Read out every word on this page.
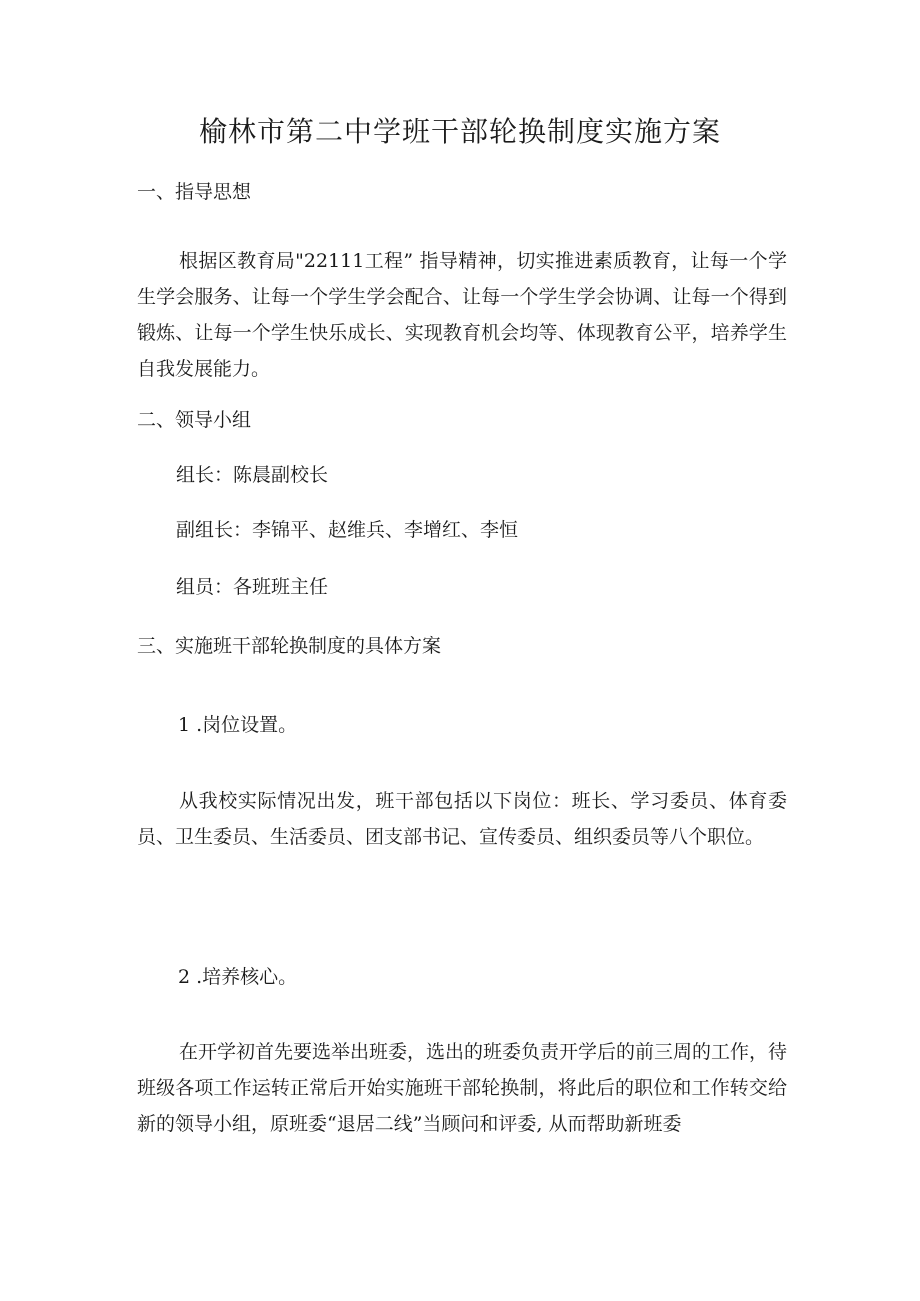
榆林市第二中学班干部轮换制度实施方案

一、指导思想

根据区教育局"22111工程” 指导精神，切实推进素质教育，让每一个学生学会服务、让每一个学生学会配合、让每一个学生学会协调、让每一个得到锻炼、让每一个学生快乐成长、实现教育机会均等、体现教育公平，培养学生自我发展能力。

二、领导小组

组长：陈晨副校长

副组长：李锦平、赵维兵、李增红、李恒

组员：各班班主任

三、实施班干部轮换制度的具体方案

1 .岗位设置。

从我校实际情况出发，班干部包括以下岗位：班长、学习委员、体育委员、卫生委员、生活委员、团支部书记、宣传委员、组织委员等八个职位。

2 .培养核心。

在开学初首先要选举出班委，选出的班委负责开学后的前三周的工作，待班级各项工作运转正常后开始实施班干部轮换制，将此后的职位和工作转交给新的领导小组，原班委“退居二线”当顾问和评委, 从而帮助新班委
